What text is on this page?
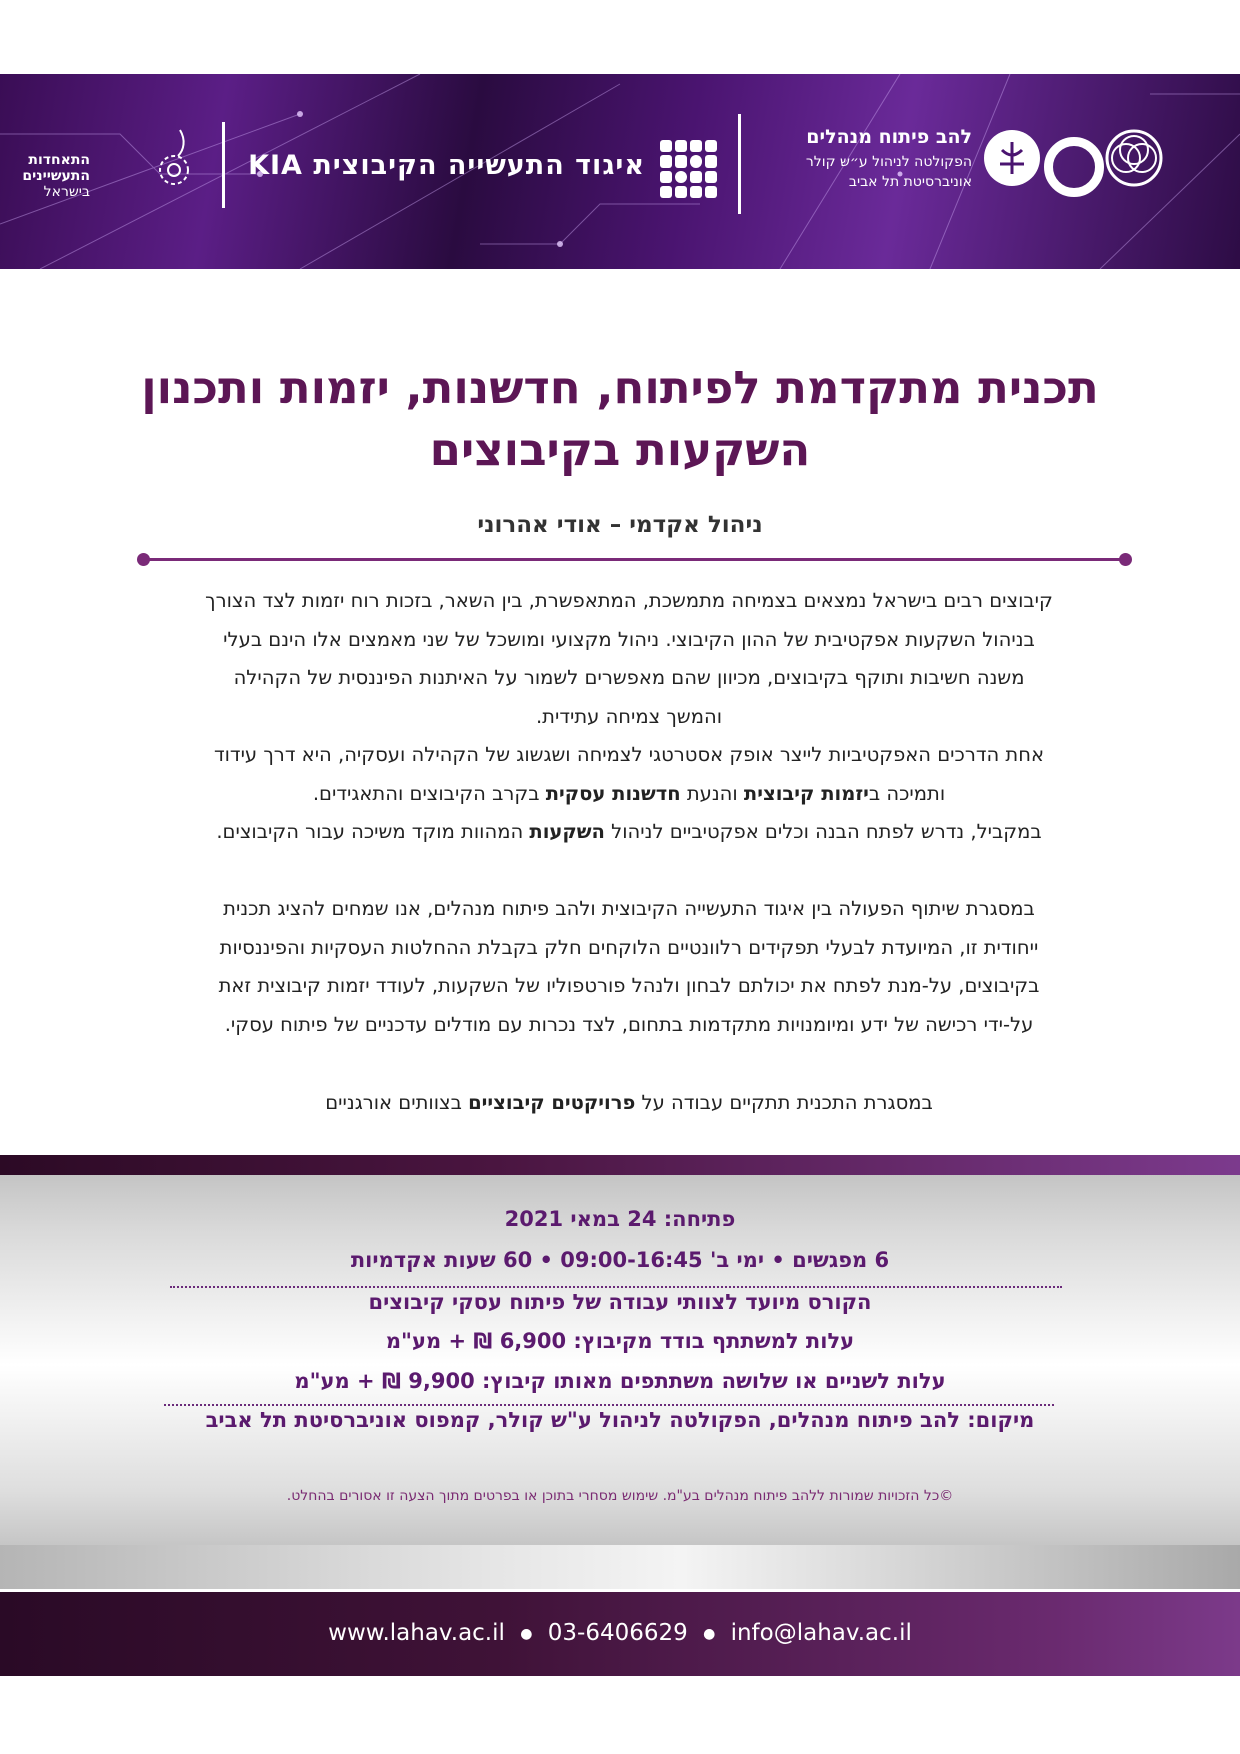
התאחדות
התעשיינים
בישראל
איגוד התעשייה הקיבוצית KIA
להב פיתוח מנהלים
הפקולטה לניהול ע״ש קולר
אוניברסיטת תל אביב
תכנית מתקדמת לפיתוח, חדשנות, יזמות ותכנון
השקעות בקיבוצים
ניהול אקדמי – אודי אהרוני
קיבוצים רבים בישראל נמצאים בצמיחה מתמשכת, המתאפשרת, בין השאר, בזכות רוח יזמות לצד הצורך
בניהול השקעות אפקטיבית של ההון הקיבוצי. ניהול מקצועי ומושכל של שני מאמצים אלו הינם בעלי
משנה חשיבות ותוקף בקיבוצים, מכיוון שהם מאפשרים לשמור על האיתנות הפיננסית של הקהילה
והמשך צמיחה עתידית.
אחת הדרכים האפקטיביות לייצר אופק אסטרטגי לצמיחה ושגשוג של הקהילה ועסקיה, היא דרך עידוד
ותמיכה ביזמות קיבוצית והנעת חדשנות עסקית בקרב הקיבוצים והתאגידים.
במקביל, נדרש לפתח הבנה וכלים אפקטיביים לניהול השקעות המהוות מוקד משיכה עבור הקיבוצים.
במסגרת שיתוף הפעולה בין איגוד התעשייה הקיבוצית ולהב פיתוח מנהלים, אנו שמחים להציג תכנית
ייחודית זו, המיועדת לבעלי תפקידים רלוונטיים הלוקחים חלק בקבלת ההחלטות העסקיות והפיננסיות
בקיבוצים, על-מנת לפתח את יכולתם לבחון ולנהל פורטפוליו של השקעות, לעודד יזמות קיבוצית זאת
על-ידי רכישה של ידע ומיומנויות מתקדמות בתחום, לצד נכרות עם מודלים עדכניים של פיתוח עסקי.
במסגרת התכנית תתקיים עבודה על פרויקטים קיבוציים בצוותים אורגניים
פתיחה: 24 במאי 2021
6 מפגשים • ימי ב' 09:00-16:45 • 60 שעות אקדמיות
הקורס מיועד לצוותי עבודה של פיתוח עסקי קיבוצים
עלות למשתתף בודד מקיבוץ: 6,900 ₪ + מע"מ
עלות לשניים או שלושה משתתפים מאותו קיבוץ: 9,900 ₪ + מע"מ
מיקום: להב פיתוח מנהלים, הפקולטה לניהול ע"ש קולר, קמפוס אוניברסיטת תל אביב
©כל הזכויות שמורות ללהב פיתוח מנהלים בע"מ. שימוש מסחרי בתוכן או בפרטים מתוך הצעה זו אסורים בהחלט.
www.lahav.ac.il ● 03-6406629 ● info@lahav.ac.il
